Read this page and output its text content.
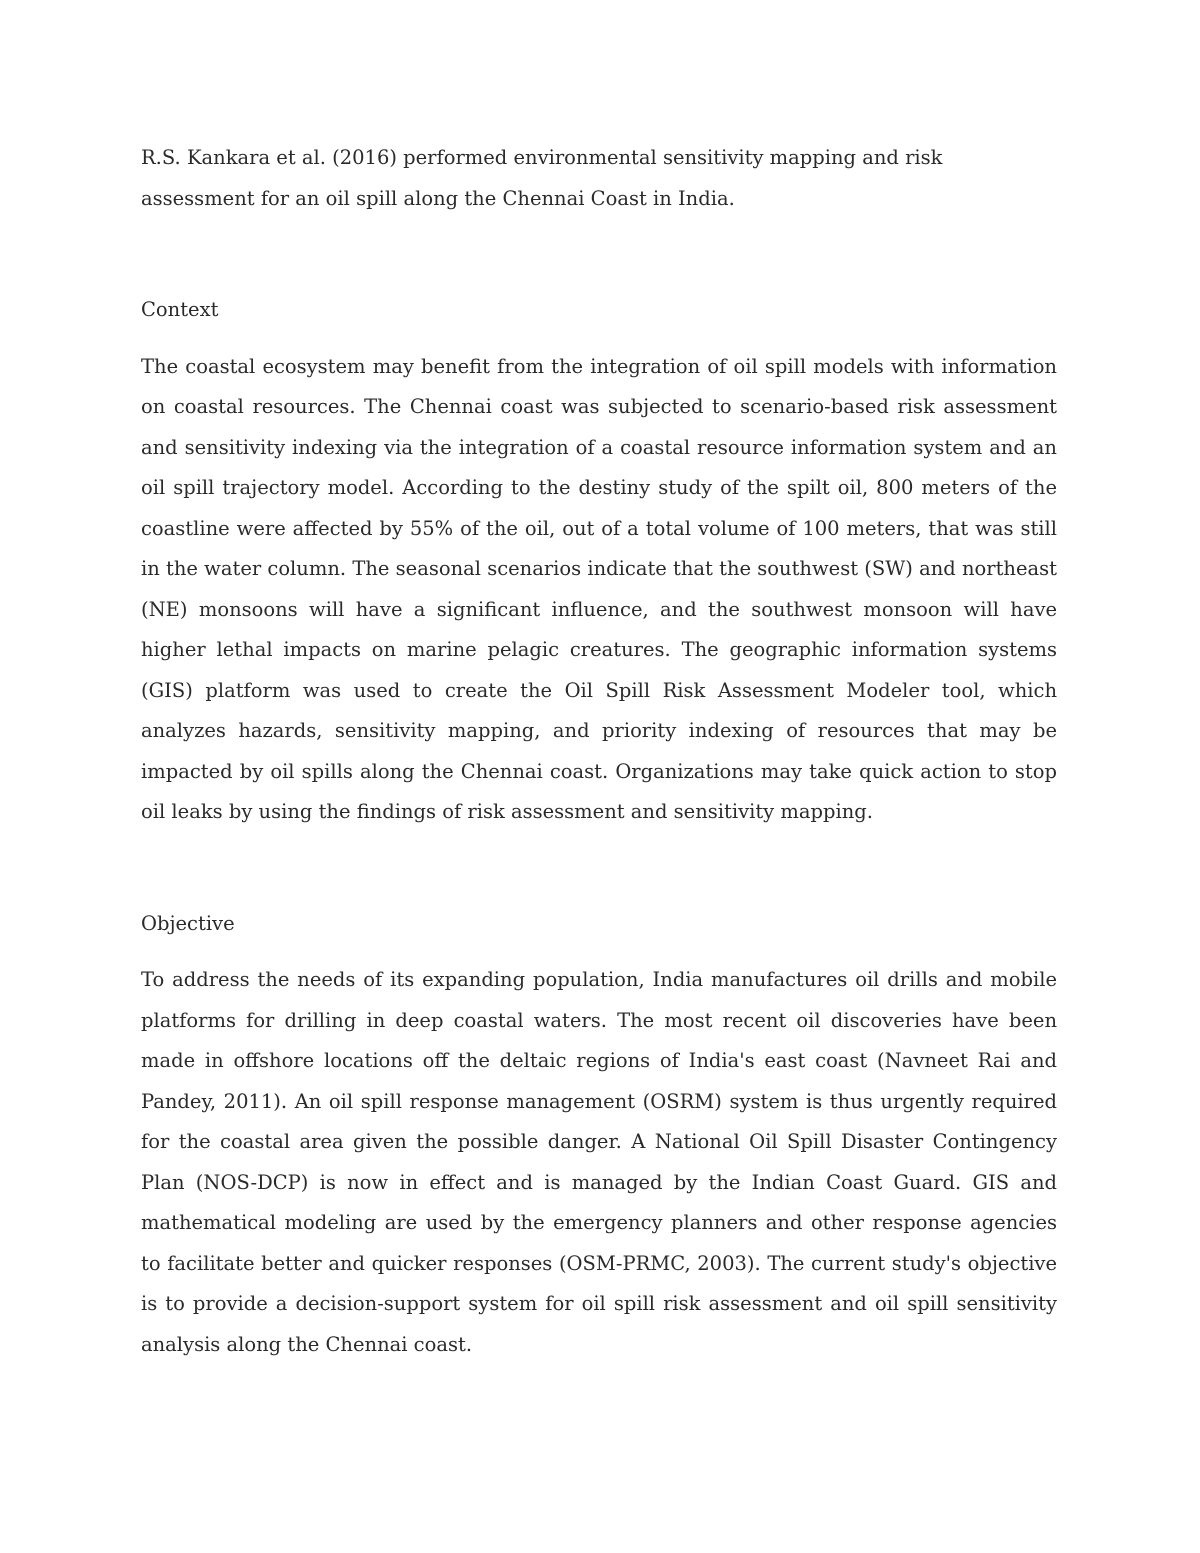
R.S. Kankara et al. (2016) performed environmental sensitivity mapping and risk assessment for an oil spill along the Chennai Coast in India.

Context

The coastal ecosystem may benefit from the integration of oil spill models with information on coastal resources. The Chennai coast was subjected to scenario-based risk assessment and sensitivity indexing via the integration of a coastal resource information system and an oil spill trajectory model. According to the destiny study of the spilt oil, 800 meters of the coastline were affected by 55% of the oil, out of a total volume of 100 meters, that was still in the water column. The seasonal scenarios indicate that the southwest (SW) and northeast (NE) monsoons will have a significant influence, and the southwest monsoon will have higher lethal impacts on marine pelagic creatures. The geographic information systems (GIS) platform was used to create the Oil Spill Risk Assessment Modeler tool, which analyzes hazards, sensitivity mapping, and priority indexing of resources that may be impacted by oil spills along the Chennai coast. Organizations may take quick action to stop oil leaks by using the findings of risk assessment and sensitivity mapping.

Objective

To address the needs of its expanding population, India manufactures oil drills and mobile platforms for drilling in deep coastal waters. The most recent oil discoveries have been made in offshore locations off the deltaic regions of India's east coast (Navneet Rai and Pandey, 2011). An oil spill response management (OSRM) system is thus urgently required for the coastal area given the possible danger. A National Oil Spill Disaster Contingency Plan (NOS-DCP) is now in effect and is managed by the Indian Coast Guard. GIS and mathematical modeling are used by the emergency planners and other response agencies to facilitate better and quicker responses (OSM-PRMC, 2003). The current study's objective is to provide a decision-support system for oil spill risk assessment and oil spill sensitivity analysis along the Chennai coast.
